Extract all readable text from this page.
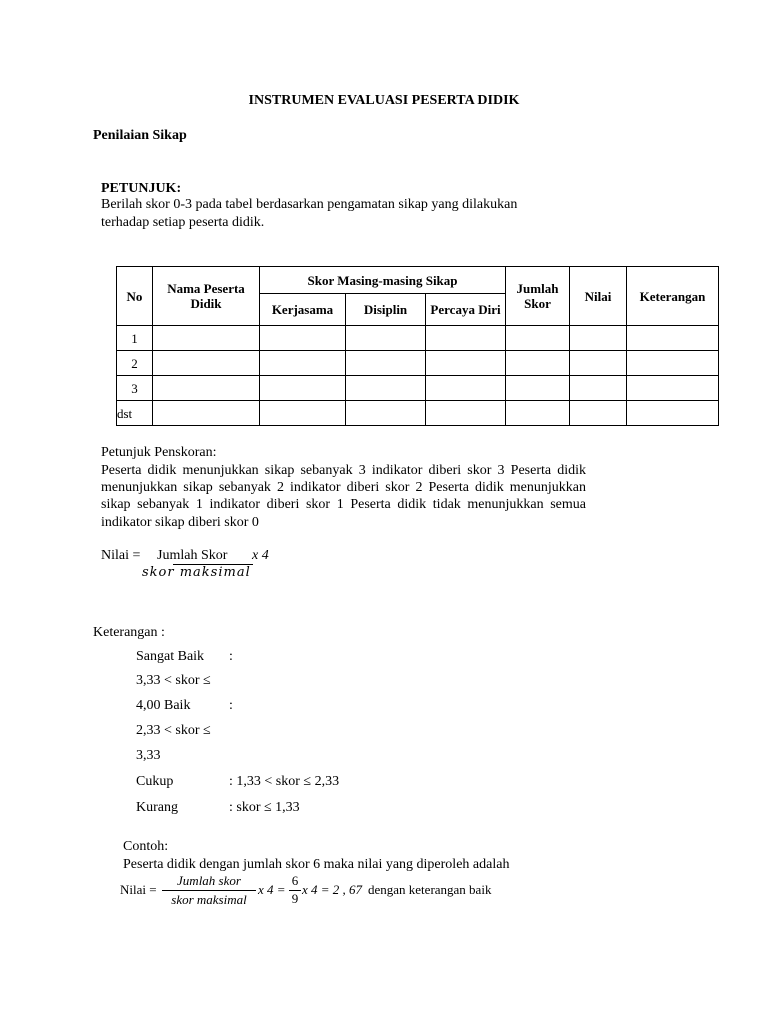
INSTRUMEN EVALUASI PESERTA DIDIK
Penilaian Sikap
PETUNJUK:
Berilah skor 0-3 pada tabel berdasarkan pengamatan sikap yang dilakukan
terhadap setiap peserta didik.
No	Nama Peserta Didik	Skor Masing-masing Sikap			Jumlah Skor	Nilai	Keterangan
		Kerjasama	Disiplin	Percaya Diri			
1							
2							
3							
dst							
Petunjuk Penskoran:
Peserta didik menunjukkan sikap sebanyak 3 indikator diberi skor 3 Peserta didik menunjukkan sikap sebanyak 2 indikator diberi skor 2 Peserta didik menunjukkan sikap sebanyak 1 indikator diberi skor 1 Peserta didik tidak menunjukkan semua indikator sikap diberi skor 0
Nilai = Jumlah Skor	x 4
skor maksimal
Keterangan :
Sangat Baik :
3,33 < skor ≤
4,00 Baik	:
2,33 < skor ≤
3,33
Cukup	: 1,33 < skor ≤ 2,33
Kurang	: skor ≤ 1,33
Contoh:
Peserta didik dengan jumlah skor 6 maka nilai yang diperoleh adalah
Nilai =
Jumlah skor
skor maksimal
x 4 =
6
9
x 4 = 2 , 67 dengan keterangan baik
